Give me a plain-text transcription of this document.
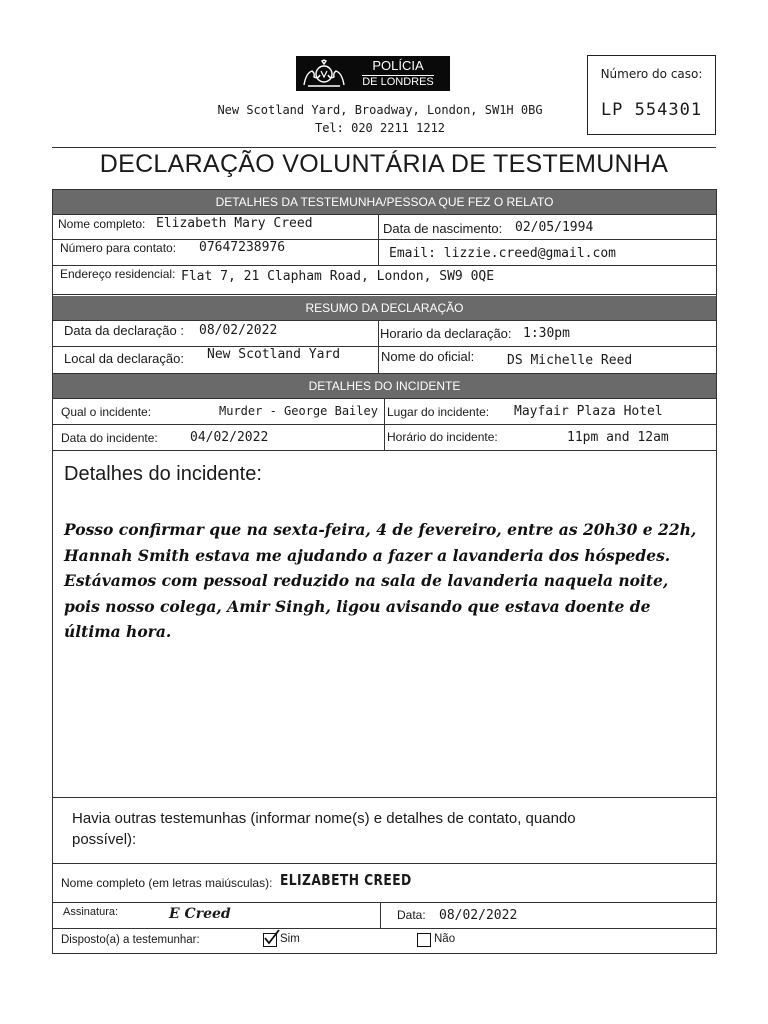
POLÍCIA
DE LONDRES
New Scotland Yard, Broadway, London, SW1H 0BG
Tel: 020 2211 1212
Número do caso:
LP 554301
DECLARAÇÃO VOLUNTÁRIA DE TESTEMUNHA
DETALHES DA TESTEMUNHA/PESSOA QUE FEZ O RELATO
Nome completo: Elizabeth Mary Creed	Data de nascimento: 02/05/1994
Número para contato: 07647238976	Email: lizzie.creed@gmail.com
Endereço residencial: Flat 7, 21 Clapham Road, London, SW9 0QE
RESUMO DA DECLARAÇÃO
Data da declaração : 08/02/2022	Horario da declaração: 1:30pm
Local da declaração: New Scotland Yard	Nome do oficial:	DS Michelle Reed
DETALHES DO INCIDENTE
Qual o incidente:	Murder - George Bailey Lugar do incidente: Mayfair Plaza Hotel
Data do incidente: 04/02/2022	Horário do incidente:	11pm and 12am
Detalhes do incidente:
Posso confirmar que na sexta-feira, 4 de fevereiro, entre as 20h30 e 22h, Hannah Smith estava me ajudando a fazer a lavanderia dos hóspedes. Estávamos com pessoal reduzido na sala de lavanderia naquela noite, pois nosso colega, Amir Singh, ligou avisando que estava doente de última hora.
Havia outras testemunhas (informar nome(s) e detalhes de contato, quando possível):
Nome completo (em letras maiúsculas): ELIZABETH CREED
Assinatura:	E Creed	Data: 08/02/2022
Disposto(a) a testemunhar:	Sim	Não
